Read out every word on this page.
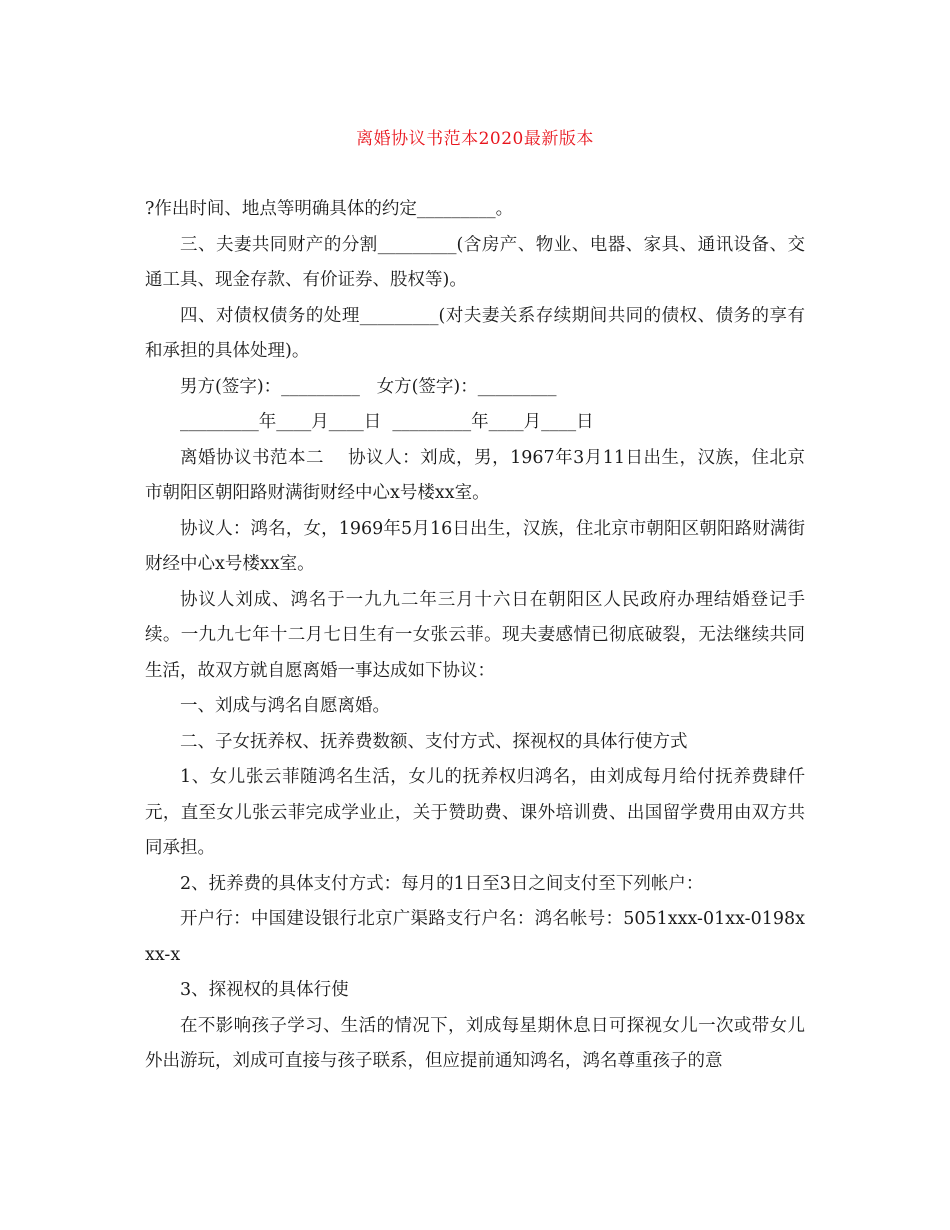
离婚协议书范本2020最新版本

?作出时间、地点等明确具体的约定_________。

三、夫妻共同财产的分割_________(含房产、物业、电器、家具、通讯设备、交通工具、现金存款、有价证券、股权等)。

四、对债权债务的处理_________(对夫妻关系存续期间共同的债权、债务的享有和承担的具体处理)。

男方(签字)：_________   女方(签字)：_________

_________年____月____日  _________年____月____日

离婚协议书范本二    协议人：刘成，男，1967年3月11日出生，汉族，住北京市朝阳区朝阳路财满街财经中心x号楼xx室。

协议人：鸿名，女，1969年5月16日出生，汉族，住北京市朝阳区朝阳路财满街财经中心x号楼xx室。

协议人刘成、鸿名于一九九二年三月十六日在朝阳区人民政府办理结婚登记手续。一九九七年十二月七日生有一女张云菲。现夫妻感情已彻底破裂，无法继续共同生活，故双方就自愿离婚一事达成如下协议：

一、刘成与鸿名自愿离婚。

二、子女抚养权、抚养费数额、支付方式、探视权的具体行使方式

1、女儿张云菲随鸿名生活，女儿的抚养权归鸿名，由刘成每月给付抚养费肆仟元，直至女儿张云菲完成学业止，关于赞助费、课外培训费、出国留学费用由双方共同承担。

2、抚养费的具体支付方式：每月的1日至3日之间支付至下列帐户：

开户行：中国建设银行北京广渠路支行户名：鸿名帐号：5051xxx-01xx-0198xxx-x

3、探视权的具体行使

在不影响孩子学习、生活的情况下，刘成每星期休息日可探视女儿一次或带女儿外出游玩，刘成可直接与孩子联系，但应提前通知鸿名，鸿名尊重孩子的意
